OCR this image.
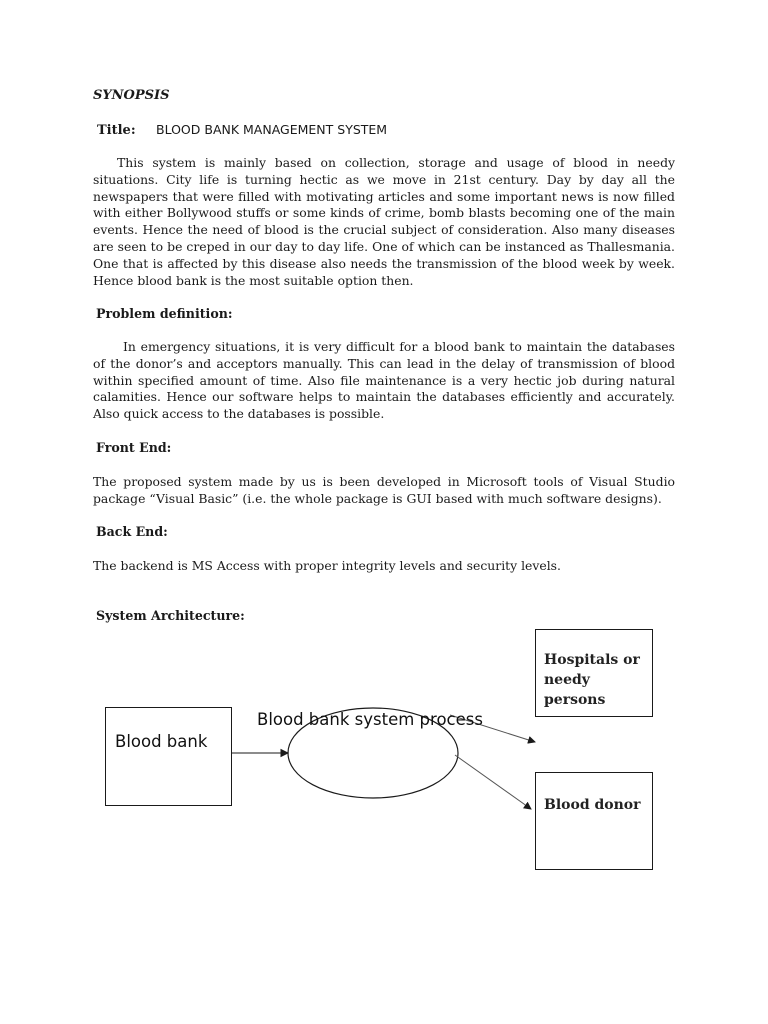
SYNOPSIS
Title: BLOOD BANK MANAGEMENT SYSTEM

This system is mainly based on collection, storage and usage of blood in needy situations. City life is turning hectic as we move in 21st century. Day by day all the newspapers that were filled with motivating articles and some important news is now filled with either Bollywood stuffs or some kinds of crime, bomb blasts becoming one of the main events. Hence the need of blood is the crucial subject of consideration. Also many diseases are seen to be creped in our day to day life. One of which can be instanced as Thallesmania. One that is affected by this disease also needs the transmission of the blood week by week. Hence blood bank is the most suitable option then.

Problem definition:

In emergency situations, it is very difficult for a blood bank to maintain the databases of the donor’s and acceptors manually. This can lead in the delay of transmission of blood within specified amount of time. Also file maintenance is a very hectic job during natural calamities. Hence our software helps to maintain the databases efficiently and accurately. Also quick access to the databases is possible.

Front End:

The proposed system made by us is been developed in Microsoft tools of Visual Studio package “Visual Basic” (i.e. the whole package is GUI based with much software designs).

Back End:

The backend is MS Access with proper integrity levels and security levels.

System Architecture:

Blood bank
Blood bank system process
Hospitals or
needy
persons
Blood donor
